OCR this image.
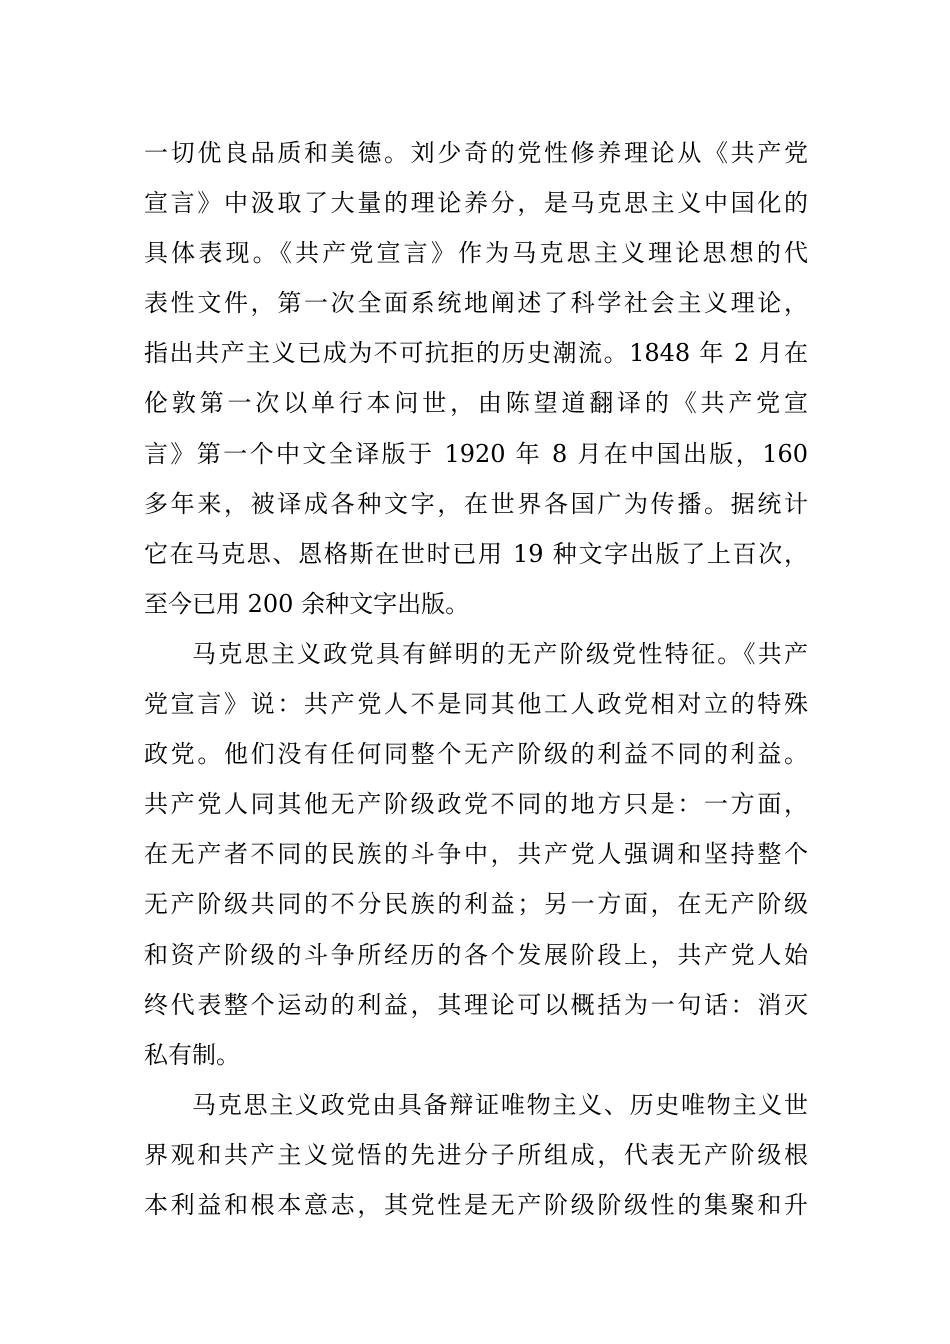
一切优良品质和美德。刘少奇的党性修养理论从《共产党
宣言》中汲取了大量的理论养分，是马克思主义中国化的
具体表现。《共产党宣言》作为马克思主义理论思想的代
表性文件，第一次全面系统地阐述了科学社会主义理论，
指出共产主义已成为不可抗拒的历史潮流。1848 年 2 月在
伦敦第一次以单行本问世，由陈望道翻译的《共产党宣
言》第一个中文全译版于 1920 年 8 月在中国出版，160
多年来，被译成各种文字，在世界各国广为传播。据统计
它在马克思、恩格斯在世时已用 19 种文字出版了上百次，
至今已用 200 余种文字出版。
马克思主义政党具有鲜明的无产阶级党性特征。《共产
党宣言》说：共产党人不是同其他工人政党相对立的特殊
政党。他们没有任何同整个无产阶级的利益不同的利益。
共产党人同其他无产阶级政党不同的地方只是：一方面，
在无产者不同的民族的斗争中，共产党人强调和坚持整个
无产阶级共同的不分民族的利益；另一方面，在无产阶级
和资产阶级的斗争所经历的各个发展阶段上，共产党人始
终代表整个运动的利益，其理论可以概括为一句话：消灭
私有制。
马克思主义政党由具备辩证唯物主义、历史唯物主义世
界观和共产主义觉悟的先进分子所组成，代表无产阶级根
本利益和根本意志，其党性是无产阶级阶级性的集聚和升
